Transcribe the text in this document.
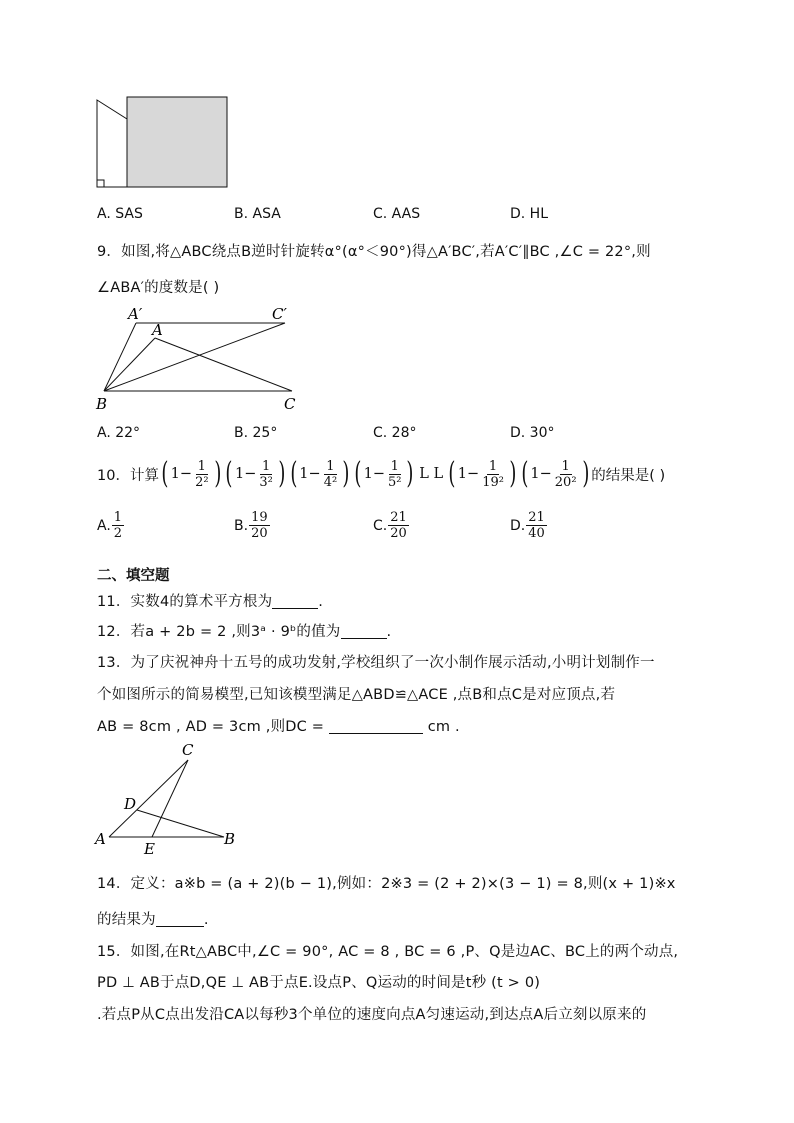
A. SAS	B. ASA	C. AAS	D. HL
9．如图,将△ABC绕点B逆时针旋转α°(α°＜90°)得△A′BC′,若A′C′∥BC ,∠C = 22°,则
∠ABA′的度数是( )
A′	C′
A
B	C
A. 22°	B. 25°	C. 28°	D. 30°
10．计算 ( $1 - \frac{1}{\text{2²}}$ ) ( $1 - \frac{1}{\text{3²}}$ ) ( $1 - \frac{1}{\text{4²}}$ ) ( $1 - \frac{1}{\text{5²}}$ ) L L ( $1 - \frac{1}{\text{19²}}$ ) ( $1 - \frac{1}{\text{20²}}$ ) 的结果是( )
A. $\frac{1}{2}$	B. $\frac{19}{20}$	C. $\frac{21}{20}$	D. $\frac{21}{40}$
二、填空题
11．实数4的算术平方根为	.
12．若a + 2b = 2 ,则3ᵃ · 9ᵇ的值为	.
13．为了庆祝神舟十五号的成功发射,学校组织了一次小制作展示活动,小明计划制作一
个如图所示的简易模型,已知该模型满足△ABD≌△ACE ,点B和点C是对应顶点,若
AB = 8cm , AD = 3cm ,则DC =	cm .
C
D
A
E
B
14．定义：a※b = (a + 2)(b − 1),例如：2※3 = (2 + 2)×(3 − 1) = 8,则(x + 1)※x
的结果为	.
15．如图,在Rt△ABC中,∠C = 90°, AC = 8 , BC = 6 ,P、Q是边AC、BC上的两个动点,
PD ⊥ AB于点D,QE ⊥ AB于点E.设点P、Q运动的时间是t秒 (t > 0)
.若点P从C点出发沿CA以每秒3个单位的速度向点A匀速运动,到达点A后立刻以原来的
